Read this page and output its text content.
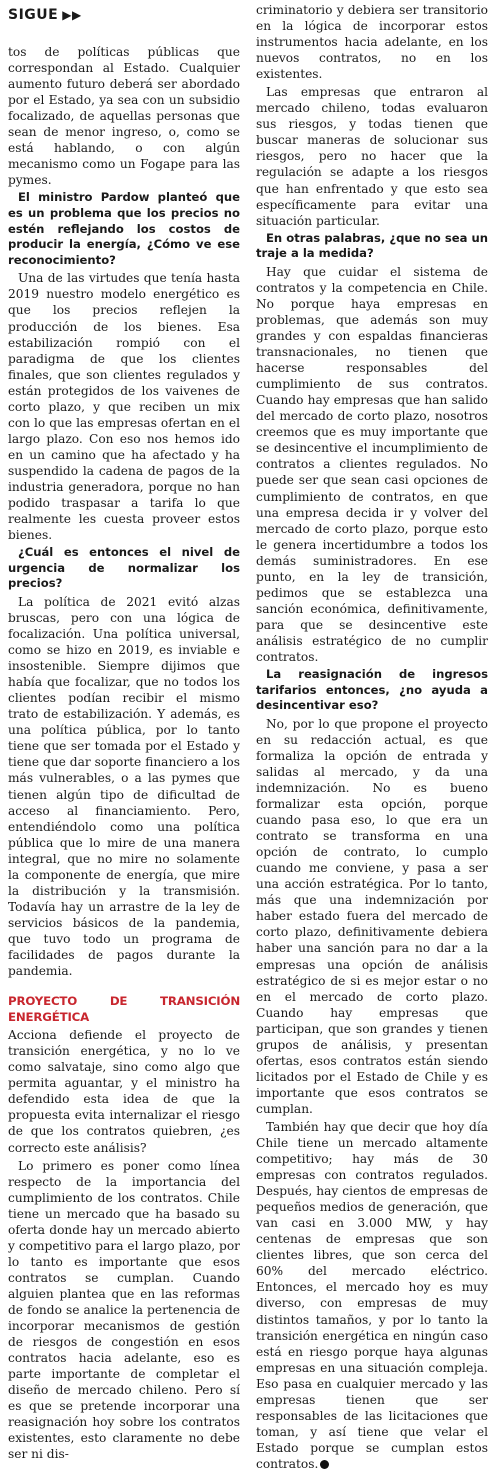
SIGUE ▶▶

tos de políticas públicas que correspondan al Estado. Cualquier aumento futuro deberá ser abordado por el Estado, ya sea con un subsidio focalizado, de aquellas personas que sean de menor ingreso, o, como se está hablando, o con algún mecanismo como un Fogape para las pymes.

El ministro Pardow planteó que es un problema que los precios no estén reflejando los costos de producir la energía, ¿Cómo ve ese reconocimiento?

Una de las virtudes que tenía hasta 2019 nuestro modelo energético es que los precios reflejen la producción de los bienes. Esa estabilización rompió con el paradigma de que los clientes finales, que son clientes regulados y están protegidos de los vaivenes de corto plazo, y que reciben un mix con lo que las empresas ofertan en el largo plazo. Con eso nos hemos ido en un camino que ha afectado y ha suspendido la cadena de pagos de la industria generadora, porque no han podido traspasar a tarifa lo que realmente les cuesta proveer estos bienes.

¿Cuál es entonces el nivel de urgencia de normalizar los precios?

La política de 2021 evitó alzas bruscas, pero con una lógica de focalización. Una política universal, como se hizo en 2019, es inviable e insostenible. Siempre dijimos que había que focalizar, que no todos los clientes podían recibir el mismo trato de estabilización. Y además, es una política pública, por lo tanto tiene que ser tomada por el Estado y tiene que dar soporte financiero a los más vulnerables, o a las pymes que tienen algún tipo de dificultad de acceso al financiamiento. Pero, entendiéndolo como una política pública que lo mire de una manera integral, que no mire no solamente la componente de energía, que mire la distribución y la transmisión. Todavía hay un arrastre de la ley de servicios básicos de la pandemia, que tuvo todo un programa de facilidades de pagos durante la pandemia.

PROYECTO DE TRANSICIÓN ENERGÉTICA

Acciona defiende el proyecto de transición energética, y no lo ve como salvataje, sino como algo que permita aguantar, y el ministro ha defendido esta idea de que la propuesta evita internalizar el riesgo de que los contratos quiebren, ¿es correcto este análisis?

Lo primero es poner como línea respecto de la importancia del cumplimiento de los contratos. Chile tiene un mercado que ha basado su oferta donde hay un mercado abierto y competitivo para el largo plazo, por lo tanto es importante que esos contratos se cumplan. Cuando alguien plantea que en las reformas de fondo se analice la pertenencia de incorporar mecanismos de gestión de riesgos de congestión en esos contratos hacia adelante, eso es parte importante de completar el diseño de mercado chileno. Pero sí es que se pretende incorporar una reasignación hoy sobre los contratos existentes, esto claramente no debe ser ni dis-

criminatorio y debiera ser transitorio en la lógica de incorporar estos instrumentos hacia adelante, en los nuevos contratos, no en los existentes.

Las empresas que entraron al mercado chileno, todas evaluaron sus riesgos, y todas tienen que buscar maneras de solucionar sus riesgos, pero no hacer que la regulación se adapte a los riesgos que han enfrentado y que esto sea específicamente para evitar una situación particular.

En otras palabras, ¿que no sea un traje a la medida?

Hay que cuidar el sistema de contratos y la competencia en Chile. No porque haya empresas en problemas, que además son muy grandes y con espaldas financieras transnacionales, no tienen que hacerse responsables del cumplimiento de sus contratos. Cuando hay empresas que han salido del mercado de corto plazo, nosotros creemos que es muy importante que se desincentive el incumplimiento de contratos a clientes regulados. No puede ser que sean casi opciones de cumplimiento de contratos, en que una empresa decida ir y volver del mercado de corto plazo, porque esto le genera incertidumbre a todos los demás suministradores. En ese punto, en la ley de transición, pedimos que se establezca una sanción económica, definitivamente, para que se desincentive este análisis estratégico de no cumplir contratos.

La reasignación de ingresos tarifarios entonces, ¿no ayuda a desincentivar eso?

No, por lo que propone el proyecto en su redacción actual, es que formaliza la opción de entrada y salidas al mercado, y da una indemnización. No es bueno formalizar esta opción, porque cuando pasa eso, lo que era un contrato se transforma en una opción de contrato, lo cumplo cuando me conviene, y pasa a ser una acción estratégica. Por lo tanto, más que una indemnización por haber estado fuera del mercado de corto plazo, definitivamente debiera haber una sanción para no dar a la empresas una opción de análisis estratégico de si es mejor estar o no en el mercado de corto plazo. Cuando hay empresas que participan, que son grandes y tienen grupos de análisis, y presentan ofertas, esos contratos están siendo licitados por el Estado de Chile y es importante que esos contratos se cumplan.

También hay que decir que hoy día Chile tiene un mercado altamente competitivo; hay más de 30 empresas con contratos regulados. Después, hay cientos de empresas de pequeños medios de generación, que van casi en 3.000 MW, y hay centenas de empresas que son clientes libres, que son cerca del 60% del mercado eléctrico. Entonces, el mercado hoy es muy diverso, con empresas de muy distintos tamaños, y por lo tanto la transición energética en ningún caso está en riesgo porque haya algunas empresas en una situación compleja. Eso pasa en cualquier mercado y las empresas tienen que ser responsables de las licitaciones que toman, y así tiene que velar el Estado porque se cumplan estos contratos. P
